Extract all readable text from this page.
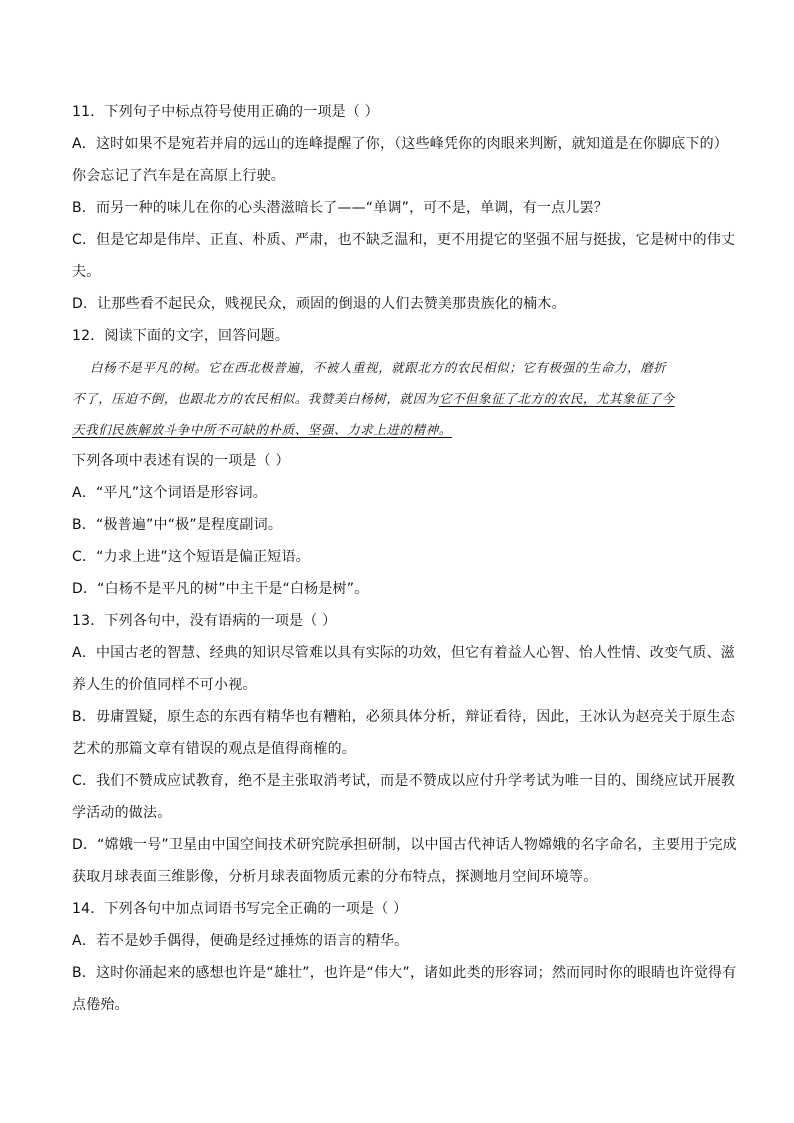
11．下列句子中标点符号使用正确的一项是（ ）
A．这时如果不是宛若并肩的远山的连峰提醒了你，（这些峰凭你的肉眼来判断，就知道是在你脚底下的）
你会忘记了汽车是在高原上行驶。
B．而另一种的味儿在你的心头潜滋暗长了——“单调”，可不是，单调，有一点儿罢？
C．但是它却是伟岸、正直、朴质、严肃，也不缺乏温和，更不用提它的坚强不屈与挺拔，它是树中的伟丈
夫。
D．让那些看不起民众，贱视民众，顽固的倒退的人们去赞美那贵族化的楠木。
12．阅读下面的文字，回答问题。
白杨不是平凡的树。它在西北极普遍，不被人重视，就跟北方的农民相似；它有极强的生命力，磨折
不了，压迫不倒，也跟北方的农民相似。我赞美白杨树，就因为它不但象征了北方的农民，尤其象征了今
天我们民族解放斗争中所不可缺的朴质、坚强、力求上进的精神。
下列各项中表述有误的一项是（ ）
A．“平凡”这个词语是形容词。
B．“极普遍”中“极”是程度副词。
C．“力求上进”这个短语是偏正短语。
D．“白杨不是平凡的树”中主干是“白杨是树”。
13．下列各句中，没有语病的一项是（ ）
A．中国古老的智慧、经典的知识尽管难以具有实际的功效，但它有着益人心智、怡人性情、改变气质、滋
养人生的价值同样不可小视。
B．毋庸置疑，原生态的东西有精华也有糟粕，必须具体分析，辩证看待，因此，王冰认为赵亮关于原生态
艺术的那篇文章有错误的观点是值得商榷的。
C．我们不赞成应试教育，绝不是主张取消考试，而是不赞成以应付升学考试为唯一目的、围绕应试开展教
学活动的做法。
D．“嫦娥一号”卫星由中国空间技术研究院承担研制，以中国古代神话人物嫦娥的名字命名，主要用于完成
获取月球表面三维影像，分析月球表面物质元素的分布特点，探测地月空间环境等。
14．下列各句中加点词语书写完全正确的一项是（ ）
A．若不是妙手偶得，便确是经过捶炼的语言的精华。
B．这时你涌起来的感想也许是“雄壮”，也许是“伟大”，诸如此类的形容词；然而同时你的眼睛也许觉得有
点倦殆。
